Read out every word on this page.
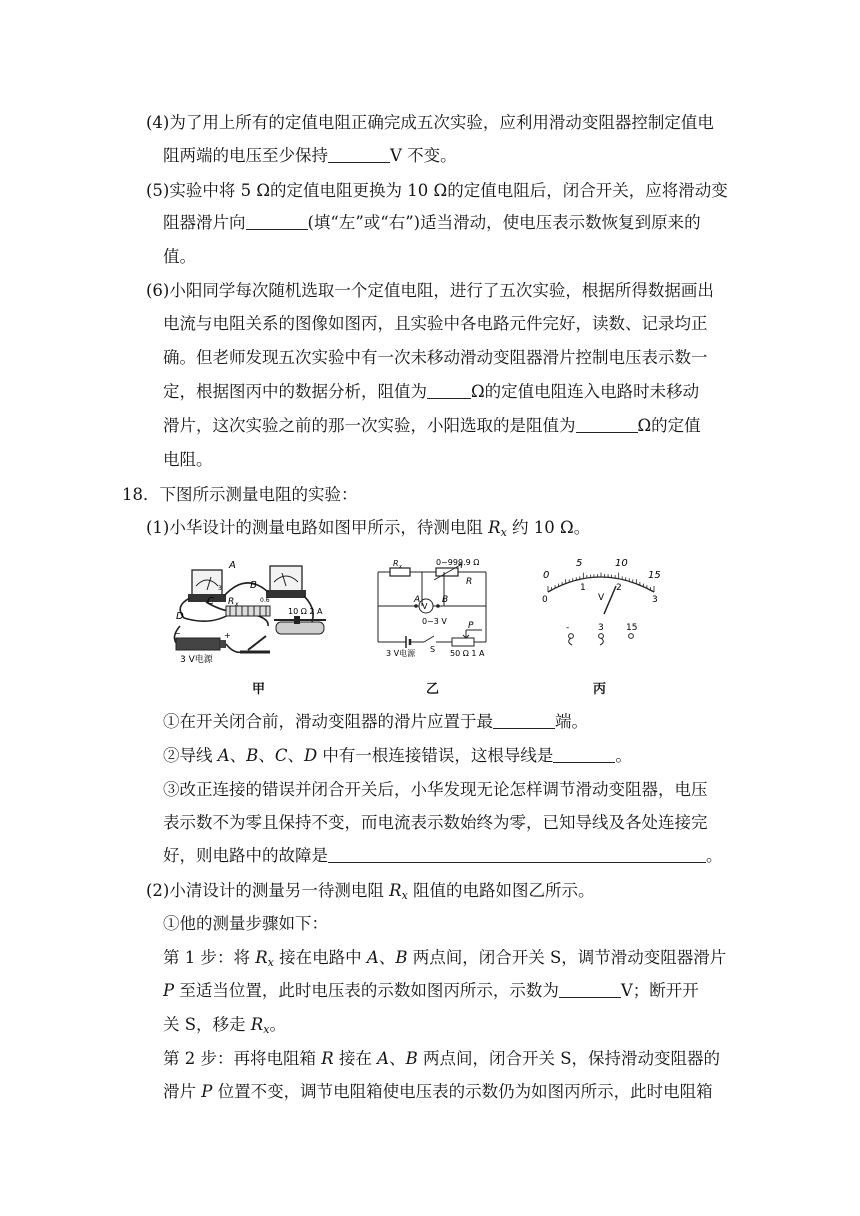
(4)为了用上所有的定值电阻正确完成五次实验，应利用滑动变阻器控制定值电
阻两端的电压至少保持	V 不变。
(5)实验中将 5 Ω的定值电阻更换为 10 Ω的定值电阻后，闭合开关，应将滑动变
阻器滑片向	(填“左”或“右”)适当滑动，使电压表示数恢复到原来的
值。
(6)小阳同学每次随机选取一个定值电阻，进行了五次实验，根据所得数据画出
电流与电阻关系的图像如图丙，且实验中各电路元件完好，读数、记录均正
确。但老师发现五次实验中有一次未移动滑动变阻器滑片控制电压表示数一
定，根据图丙中的数据分析，阻值为	Ω的定值电阻连入电路时未移动
滑片，这次实验之前的那一次实验，小阳选取的是阻值为	Ω的定值
电阻。
18．下图所示测量电阻的实验：
(1)小华设计的测量电路如图甲所示，待测电阻 $R_x$ 约 10 Ω。
A
B
C
D
R x
3
0.6
10 Ω 2 A
3 V电源
+
−
R x	0~999.9 Ω
R
A B
V
0~3 V P
3 V电源 S 50 Ω 1 A
0
5	10
15
0
1	2
3
V
-	3 15
甲	乙	丙
①在开关闭合前，滑动变阻器的滑片应置于最	端。
②导线 A、B、C、D 中有一根连接错误，这根导线是	。
③改正连接的错误并闭合开关后，小华发现无论怎样调节滑动变阻器，电压
表示数不为零且保持不变，而电流表示数始终为零，已知导线及各处连接完
好，则电路中的故障是	。
(2)小清设计的测量另一待测电阻 $R_x$ 阻值的电路如图乙所示。
①他的测量步骤如下：
第 1 步：将 $R_x$ 接在电路中 A、B 两点间，闭合开关 S，调节滑动变阻器滑片
P 至适当位置，此时电压表的示数如图丙所示，示数为	V；断开开
关 S，移走 $R_x$。
第 2 步：再将电阻箱 R 接在 A、B 两点间，闭合开关 S，保持滑动变阻器的
滑片 P 位置不变，调节电阻箱使电压表的示数仍为如图丙所示，此时电阻箱
